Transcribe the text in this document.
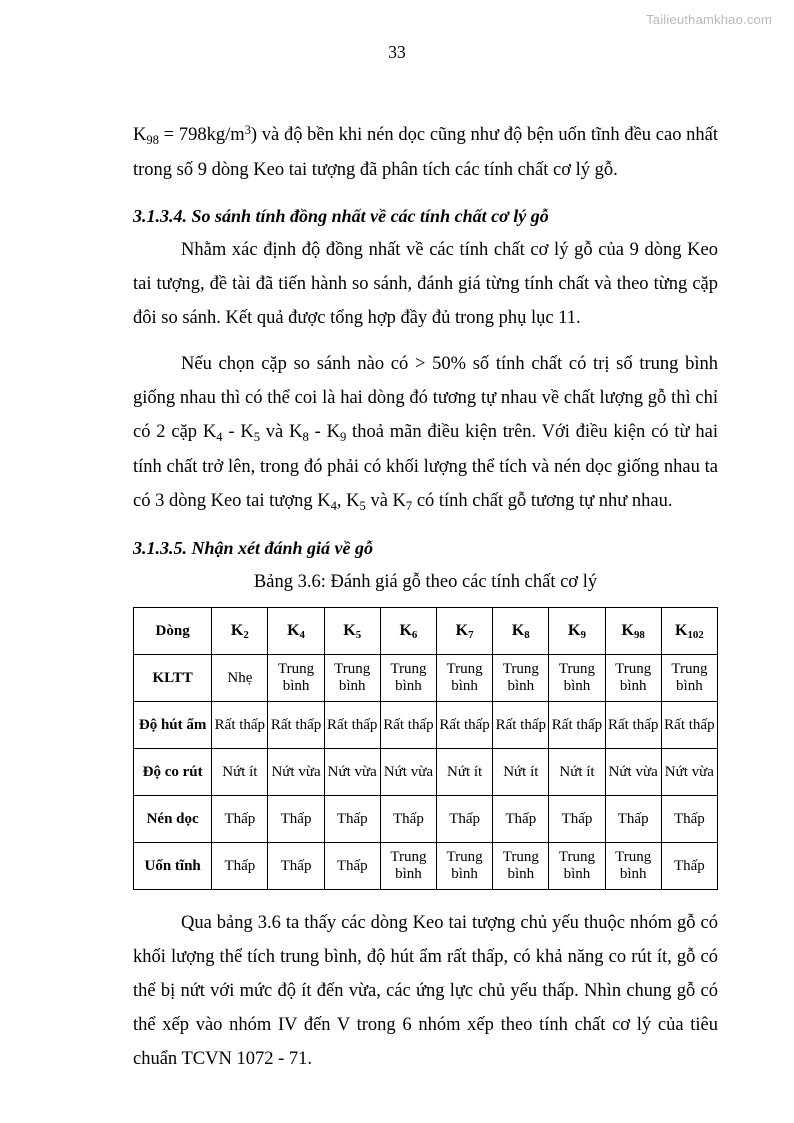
Tailieuthamkhao.com
33

$K_{98} = 798kg/m^3$) và độ bền khi nén dọc cũng như độ bện uốn tĩnh đều cao nhất trong số 9 dòng Keo tai tượng đã phân tích các tính chất cơ lý gỗ.

3.1.3.4. So sánh tính đồng nhất về các tính chất cơ lý gỗ

Nhằm xác định độ đồng nhất về các tính chất cơ lý gỗ của 9 dòng Keo tai tượng, đề tài đã tiến hành so sánh, đánh giá từng tính chất và theo từng cặp đôi so sánh. Kết quả được tổng hợp đầy đủ trong phụ lục 11.

Nếu chọn cặp so sánh nào có > 50% số tính chất có trị số trung bình giống nhau thì có thể coi là hai dòng đó tương tự nhau về chất lượng gỗ thì chỉ có 2 cặp $K_4 - K_5$ và $K_8 - K_9$ thoả mãn điều kiện trên. Với điều kiện có từ hai tính chất trở lên, trong đó phải có khối lượng thể tích và nén dọc giống nhau ta có 3 dòng Keo tai tượng $K_4$, $K_5$ và $K_7$ có tính chất gỗ tương tự như nhau.

3.1.3.5. Nhận xét đánh giá về gỗ

Bảng 3.6: Đánh giá gỗ theo các tính chất cơ lý

Dòng	$K_2$	$K_4$	$K_5$	$K_6$	$K_7$	$K_8$	$K_9$	$K_{98}$	$K_{102}$
KLTT	Nhẹ	Trung bình	Trung bình	Trung bình	Trung bình	Trung bình	Trung bình	Trung bình	Trung bình
Độ hút ẩm	Rất thấp	Rất thấp	Rất thấp	Rất thấp	Rất thấp	Rất thấp	Rất thấp	Rất thấp	Rất thấp
Độ co rút	Nứt ít	Nứt vừa	Nứt vừa	Nứt vừa	Nứt ít	Nứt ít	Nứt ít	Nứt vừa	Nứt vừa
Nén dọc	Thấp	Thấp	Thấp	Thấp	Thấp	Thấp	Thấp	Thấp	Thấp
Uốn tĩnh	Thấp	Thấp	Thấp	Trung bình	Trung bình	Trung bình	Trung bình	Trung bình	Thấp

Qua bảng 3.6 ta thấy các dòng Keo tai tượng chủ yếu thuộc nhóm gỗ có khối lượng thể tích trung bình, độ hút ẩm rất thấp, có khả năng co rút ít, gỗ có thể bị nứt với mức độ ít đến vừa, các ứng lực chủ yếu thấp. Nhìn chung gỗ có thể xếp vào nhóm IV đến V trong 6 nhóm xếp theo tính chất cơ lý của tiêu chuẩn TCVN 1072 - 71.
